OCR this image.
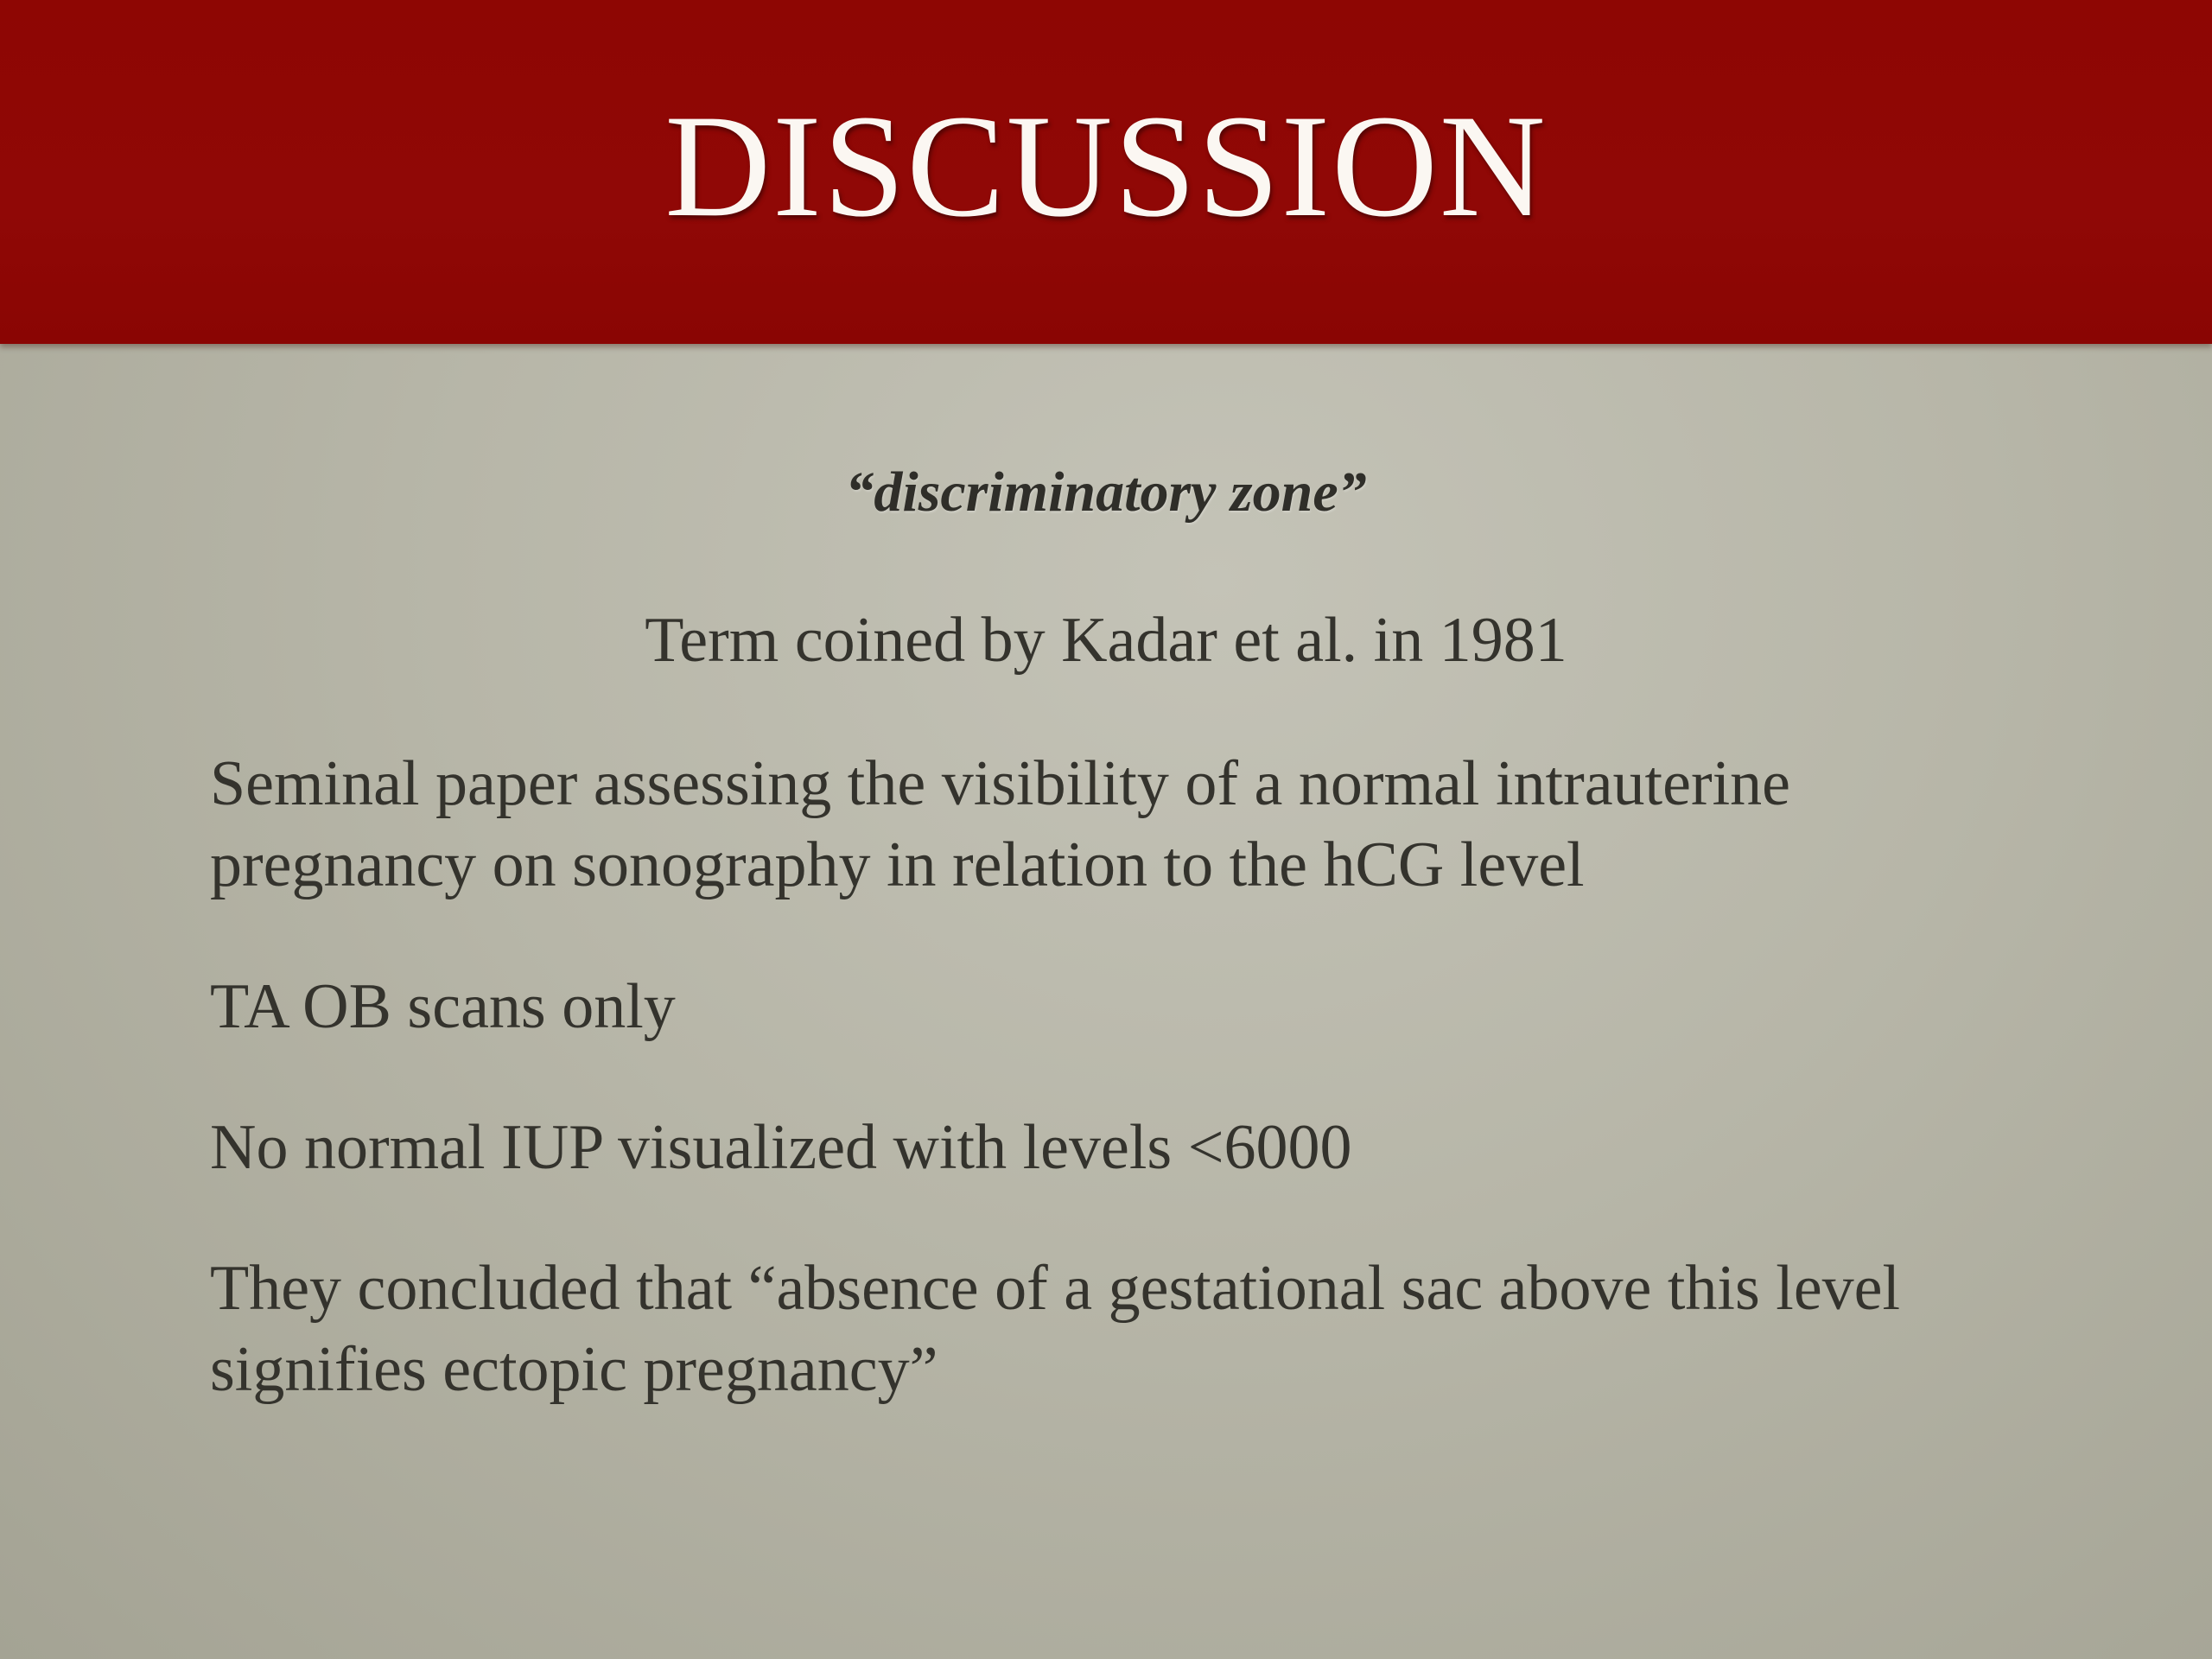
DISCUSSION
“discriminatory zone”
Term coined by Kadar et al. in 1981
Seminal paper assessing the visibility of a normal intrauterine pregnancy on sonography in relation to the hCG level
TA OB scans only
No normal IUP visualized with levels <6000
They concluded that “absence of a gestational sac above this level signifies ectopic pregnancy”
